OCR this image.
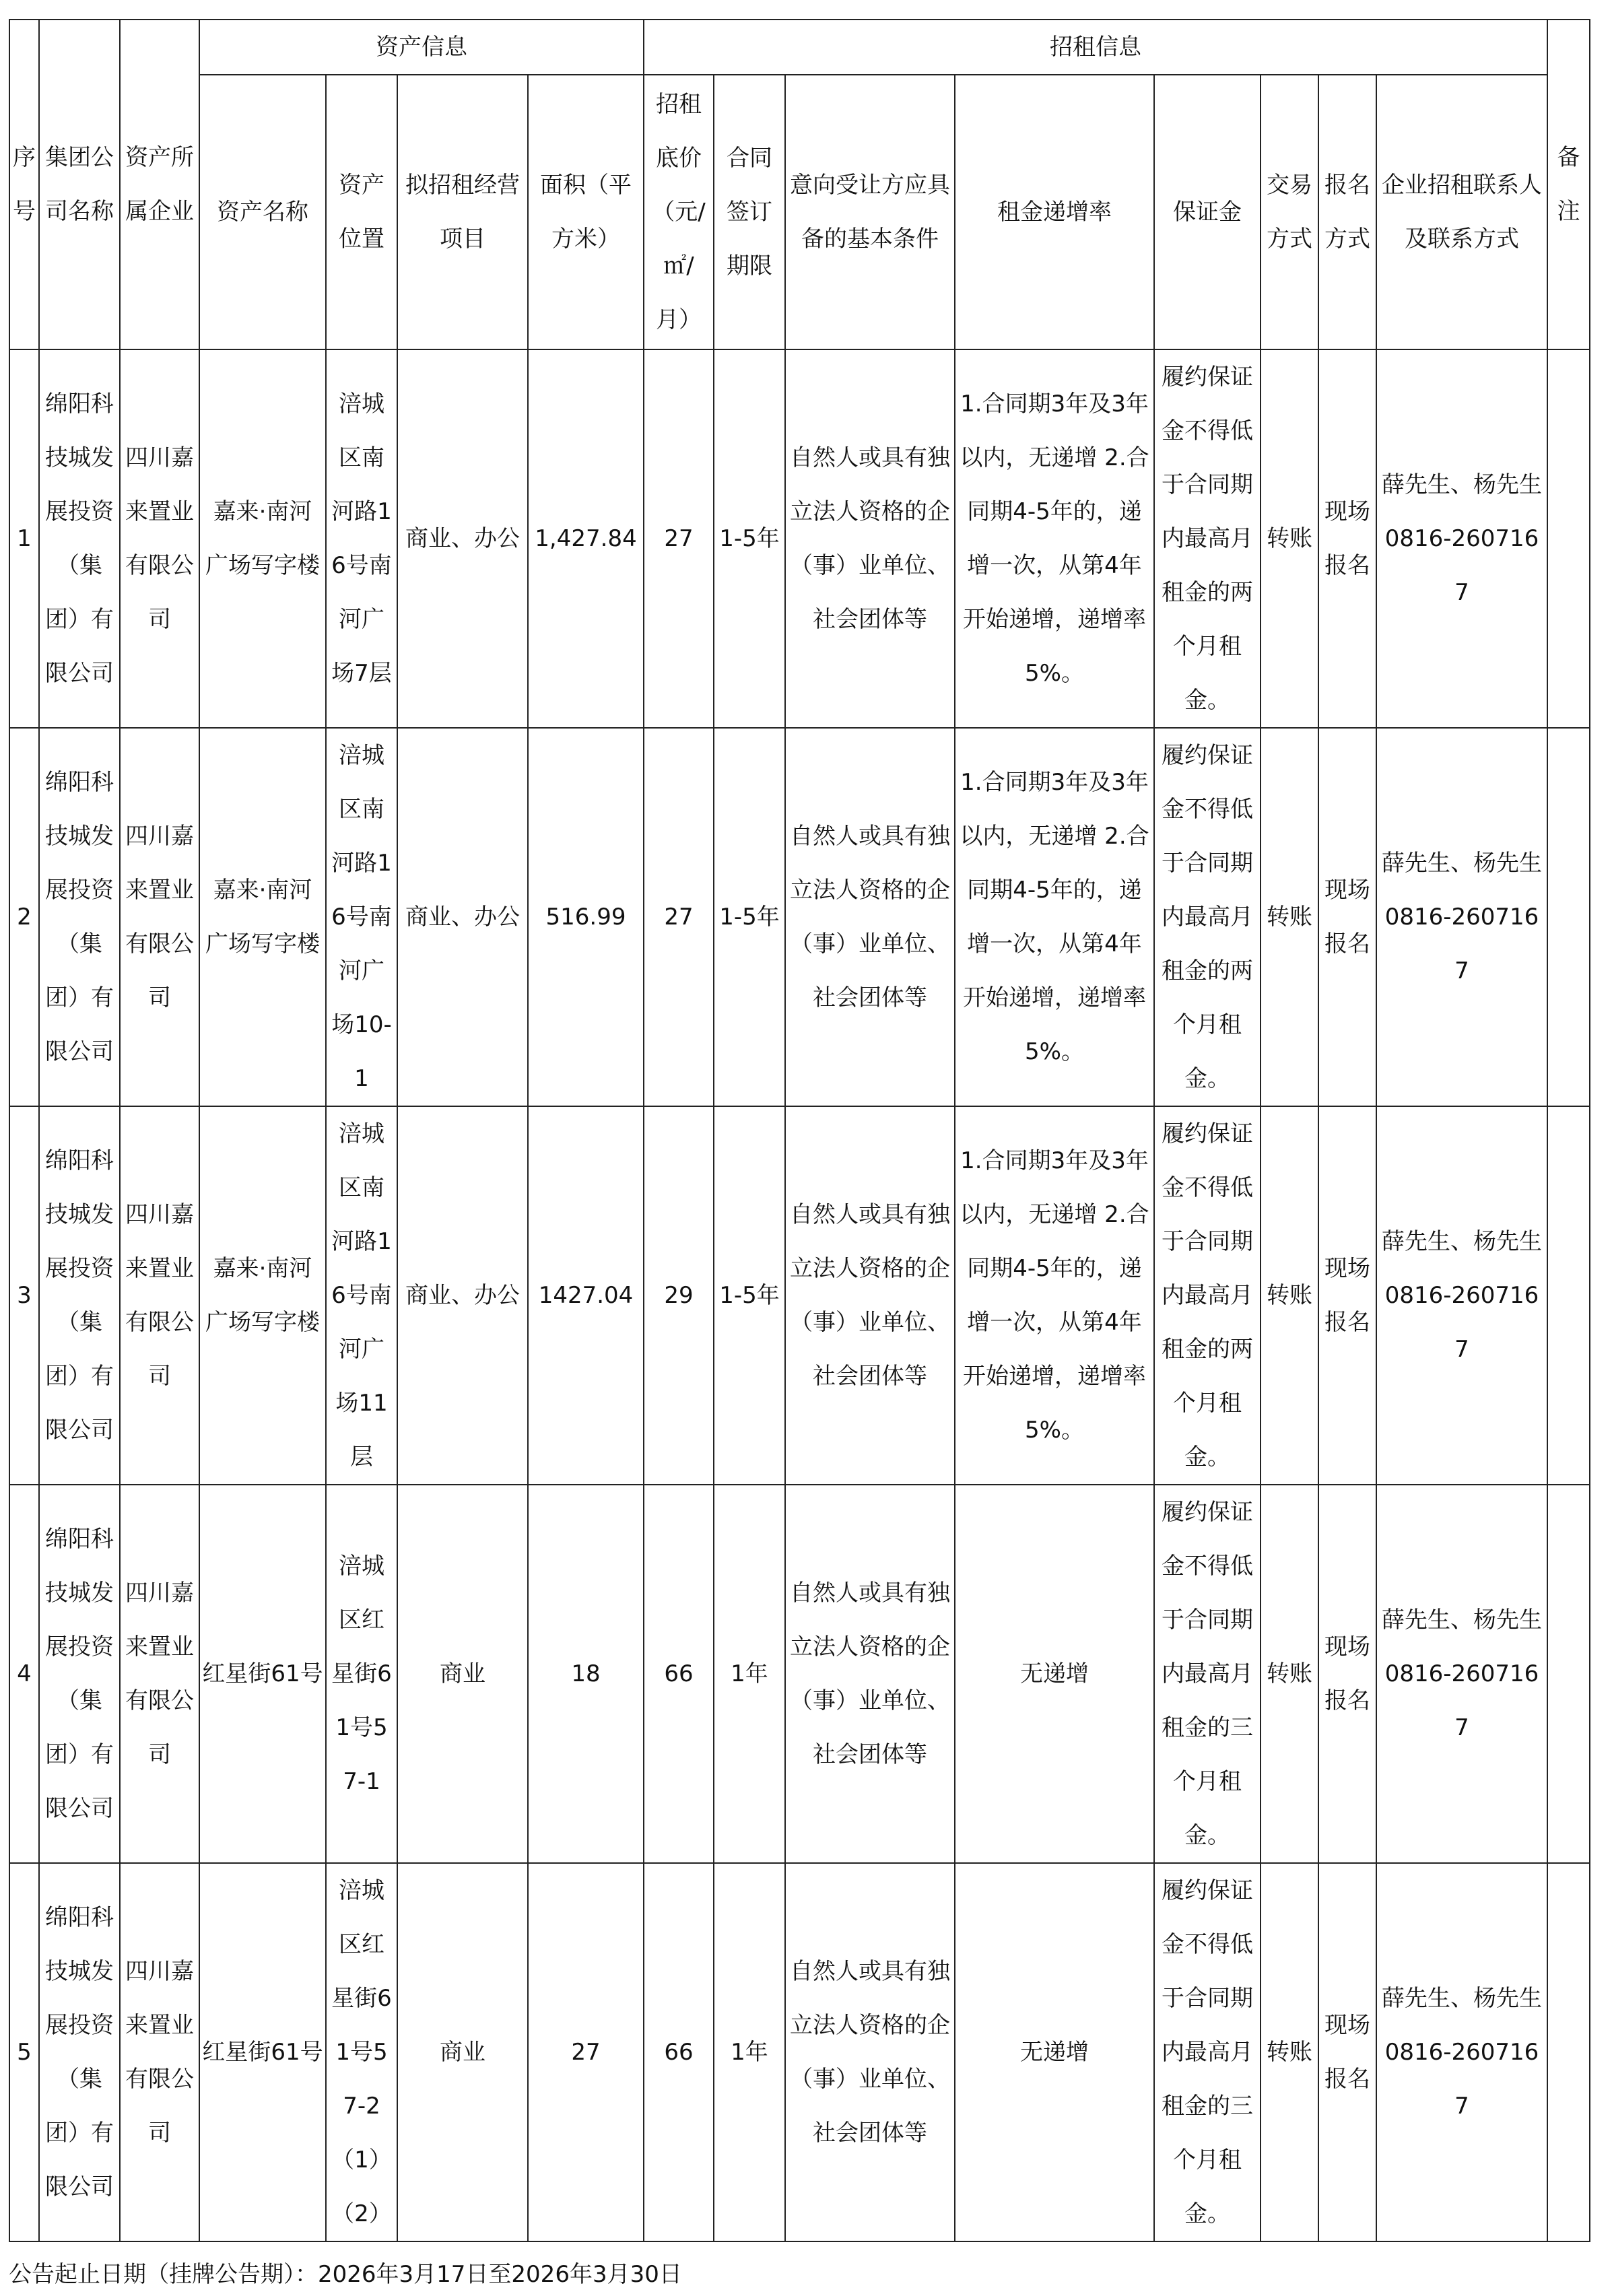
序号	集团公司名称	资产所属企业	资产信息				招租信息								备注
			资产名称	资产位置	拟招租经营项目	面积（平方米）	招租底价（元/㎡/月）	合同签订期限	意向受让方应具备的基本条件	租金递增率	保证金	交易方式	报名方式	企业招租联系人及联系方式	
1	绵阳科技城发展投资（集团）有限公司	四川嘉来置业有限公司	嘉来·南河广场写字楼	涪城区南河路16号南河广场7层	商业、办公	1,427.84	27	1-5年	自然人或具有独立法人资格的企（事）业单位、社会团体等	1.合同期3年及3年以内，无递增 2.合同期4-5年的，递增一次，从第4年开始递增，递增率5%。	履约保证金不得低于合同期内最高月租金的两个月租金。	转账	现场报名	薛先生、杨先生0816-2607167	
2	绵阳科技城发展投资（集团）有限公司	四川嘉来置业有限公司	嘉来·南河广场写字楼	涪城区南河路16号南河广场10-1	商业、办公	516.99	27	1-5年	自然人或具有独立法人资格的企（事）业单位、社会团体等	1.合同期3年及3年以内，无递增 2.合同期4-5年的，递增一次，从第4年开始递增，递增率5%。	履约保证金不得低于合同期内最高月租金的两个月租金。	转账	现场报名	薛先生、杨先生0816-2607167	
3	绵阳科技城发展投资（集团）有限公司	四川嘉来置业有限公司	嘉来·南河广场写字楼	涪城区南河路16号南河广场11层	商业、办公	1427.04	29	1-5年	自然人或具有独立法人资格的企（事）业单位、社会团体等	1.合同期3年及3年以内，无递增 2.合同期4-5年的，递增一次，从第4年开始递增，递增率5%。	履约保证金不得低于合同期内最高月租金的两个月租金。	转账	现场报名	薛先生、杨先生0816-2607167	
4	绵阳科技城发展投资（集团）有限公司	四川嘉来置业有限公司	红星街61号	涪城区红星街61号57-1	商业	18	66	1年	自然人或具有独立法人资格的企（事）业单位、社会团体等	无递增	履约保证金不得低于合同期内最高月租金的三个月租金。	转账	现场报名	薛先生、杨先生0816-2607167	
5	绵阳科技城发展投资（集团）有限公司	四川嘉来置业有限公司	红星街61号	涪城区红星街61号57-2（1）（2）	商业	27	66	1年	自然人或具有独立法人资格的企（事）业单位、社会团体等	无递增	履约保证金不得低于合同期内最高月租金的三个月租金。	转账	现场报名	薛先生、杨先生0816-2607167	
公告起止日期（挂牌公告期）：2026年3月17日至2026年3月30日
